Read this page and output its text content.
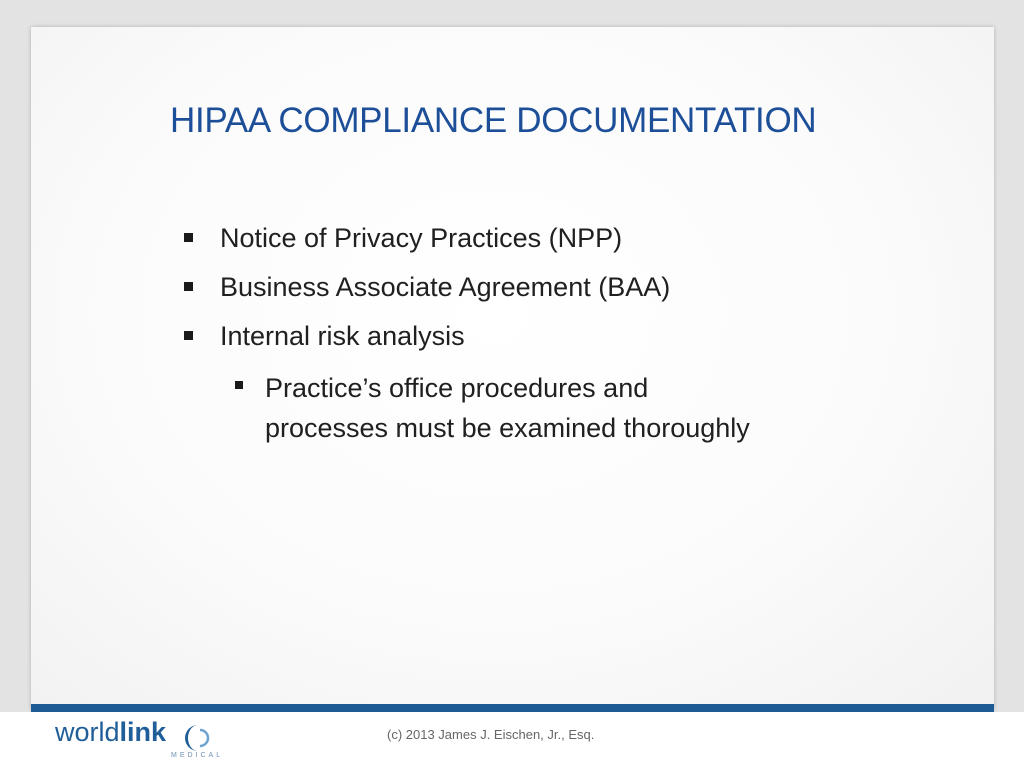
HIPAA COMPLIANCE DOCUMENTATION
Notice of Privacy Practices (NPP)
Business Associate Agreement (BAA)
Internal risk analysis
Practice’s office procedures and
processes must be examined thoroughly
worldlink
MEDICAL
(c) 2013 James J. Eischen, Jr., Esq.
